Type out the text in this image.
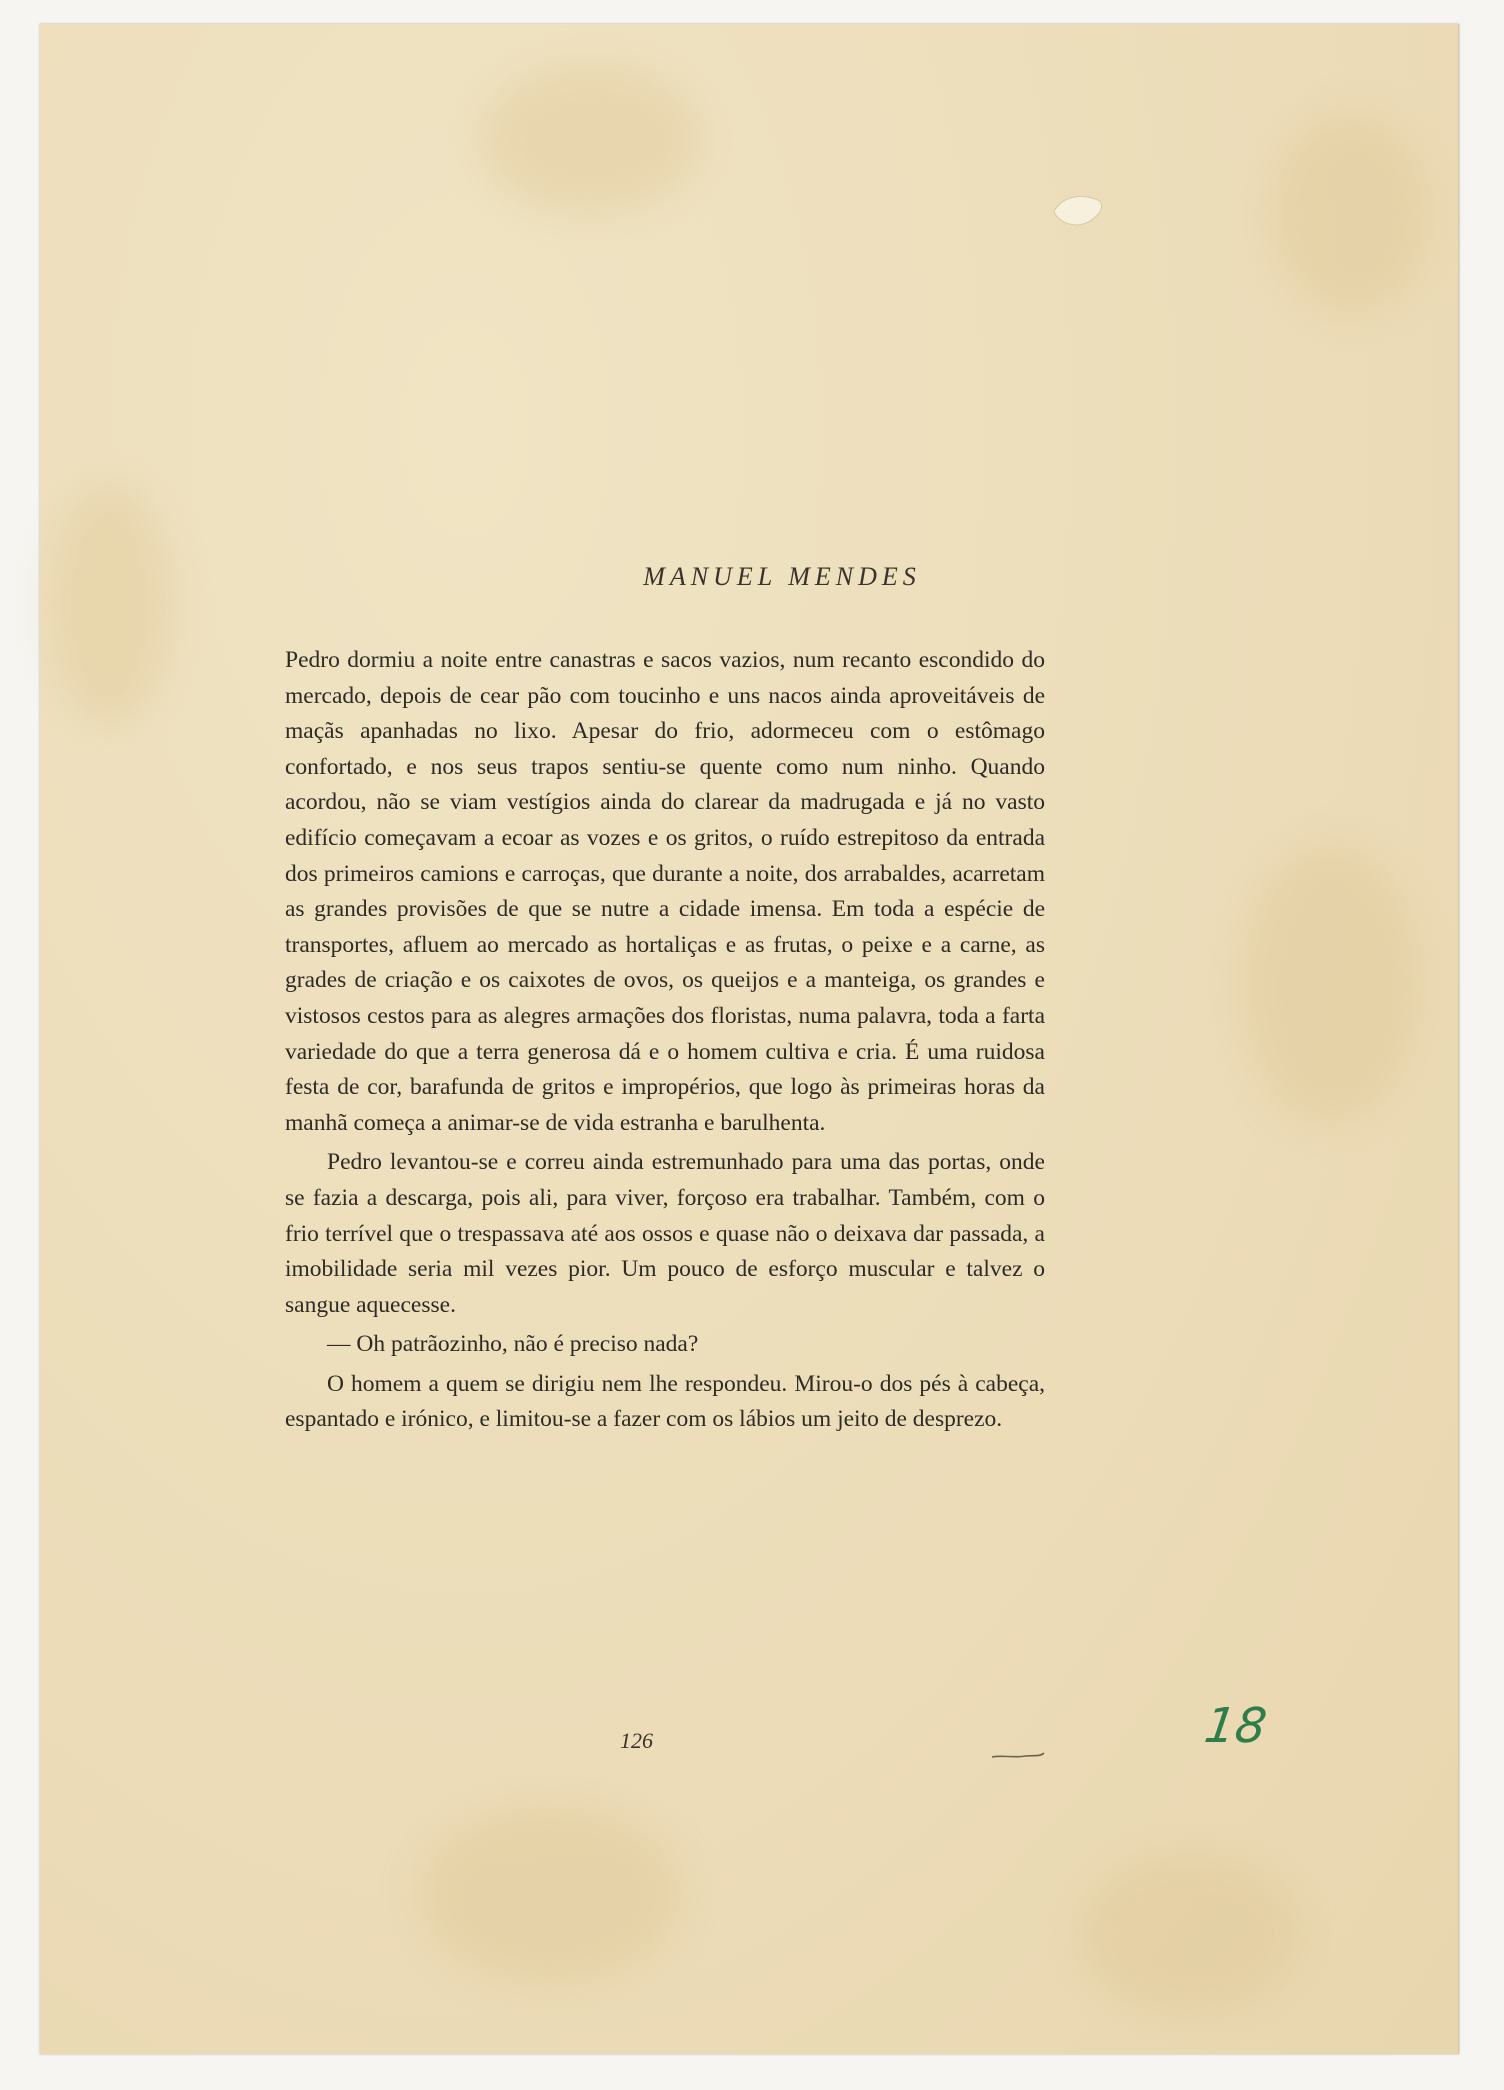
MANUEL MENDES

Pedro dormiu a noite entre canastras e sacos vazios, num recanto escondido do mercado, depois de cear pão com toucinho e uns nacos ainda aproveitáveis de maçãs apanhadas no lixo. Apesar do frio, adormeceu com o estômago confortado, e nos seus trapos sentiu-se quente como num ninho. Quando acordou, não se viam vestígios ainda do clarear da madrugada e já no vasto edifício começavam a ecoar as vozes e os gritos, o ruído estrepitoso da entrada dos primeiros camions e carroças, que durante a noite, dos arrabaldes, acarretam as grandes provisões de que se nutre a cidade imensa. Em toda a espécie de transportes, afluem ao mercado as hortaliças e as frutas, o peixe e a carne, as grades de criação e os caixotes de ovos, os queijos e a manteiga, os grandes e vistosos cestos para as alegres armações dos floristas, numa palavra, toda a farta variedade do que a terra generosa dá e o homem cultiva e cria. É uma ruidosa festa de cor, barafunda de gritos e impropérios, que logo às primeiras horas da manhã começa a animar-se de vida estranha e barulhenta.

Pedro levantou-se e correu ainda estremunhado para uma das portas, onde se fazia a descarga, pois ali, para viver, forçoso era trabalhar. Também, com o frio terrível que o trespassava até aos ossos e quase não o deixava dar passada, a imobilidade seria mil vezes pior. Um pouco de esforço muscular e talvez o sangue aquecesse.

— Oh patrãozinho, não é preciso nada?

O homem a quem se dirigiu nem lhe respondeu. Mirou-o dos pés à cabeça, espantado e irónico, e limitou-se a fazer com os lábios um jeito de desprezo.

126	18
